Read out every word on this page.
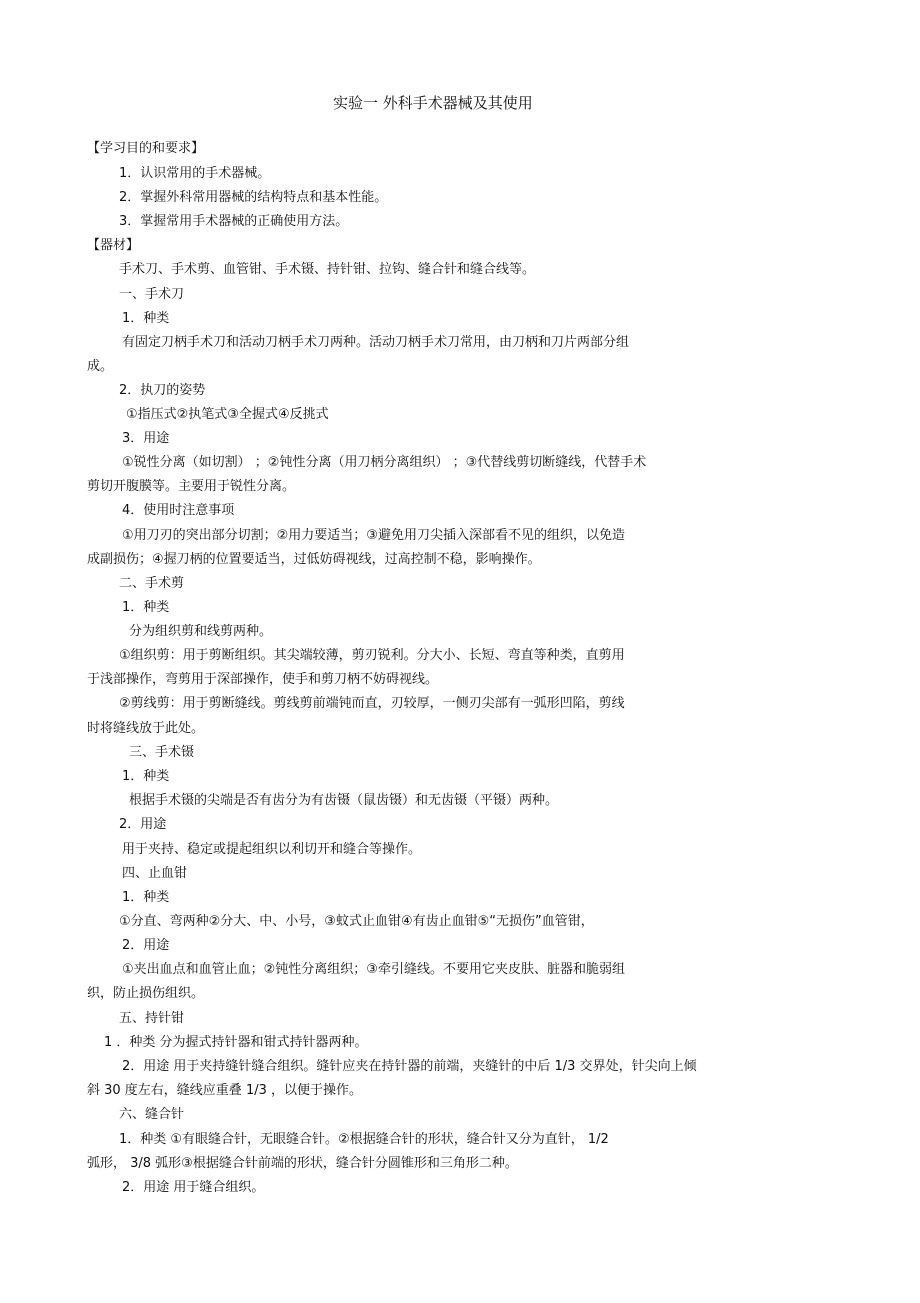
实验一 外科手术器械及其使用
【学习目的和要求】
1．认识常用的手术器械。
2．掌握外科常用器械的结构特点和基本性能。
3．掌握常用手术器械的正确使用方法。
【器材】
手术刀、手术剪、血管钳、手术镊、持针钳、拉钩、缝合针和缝合线等。
一、手术刀
1．种类
有固定刀柄手术刀和活动刀柄手术刀两种。活动刀柄手术刀常用，由刀柄和刀片两部分组
成。
2．执刀的姿势
①指压式②执笔式③全握式④反挑式
3．用途
①锐性分离（如切割） ；②钝性分离（用刀柄分离组织） ；③代替线剪切断缝线，代替手术
剪切开腹膜等。主要用于锐性分离。
4．使用时注意事项
①用刀刃的突出部分切割；②用力要适当；③避免用刀尖插入深部看不见的组织，以免造
成副损伤；④握刀柄的位置要适当，过低妨碍视线，过高控制不稳，影响操作。
二、手术剪
1．种类
分为组织剪和线剪两种。
①组织剪：用于剪断组织。其尖端较薄，剪刃锐利。分大小、长短、弯直等种类，直剪用
于浅部操作，弯剪用于深部操作，使手和剪刀柄不妨碍视线。
②剪线剪：用于剪断缝线。剪线剪前端钝而直，刃较厚，一侧刃尖部有一弧形凹陷，剪线
时将缝线放于此处。
三、手术镊
1．种类
根据手术镊的尖端是否有齿分为有齿镊（鼠齿镊）和无齿镊（平镊）两种。
2．用途
用于夹持、稳定或提起组织以利切开和缝合等操作。
四、止血钳
1．种类
①分直、弯两种②分大、中、小号，③蚊式止血钳④有齿止血钳⑤“无损伤”血管钳，
2．用途
①夹出血点和血管止血；②钝性分离组织；③牵引缝线。不要用它夹皮肤、脏器和脆弱组
织，防止损伤组织。
五、持针钳
1 ．种类 分为握式持针器和钳式持针器两种。
2．用途 用于夹持缝针缝合组织。缝针应夹在持针器的前端，夹缝针的中后 1/3 交界处，针尖向上倾
斜 30 度左右，缝线应重叠 1/3 ，以便于操作。
六、缝合针
1．种类 ①有眼缝合针，无眼缝合针。②根据缝合针的形状，缝合针又分为直针， 1/2
弧形， 3/8 弧形③根据缝合针前端的形状，缝合针分圆锥形和三角形二种。
2．用途 用于缝合组织。
